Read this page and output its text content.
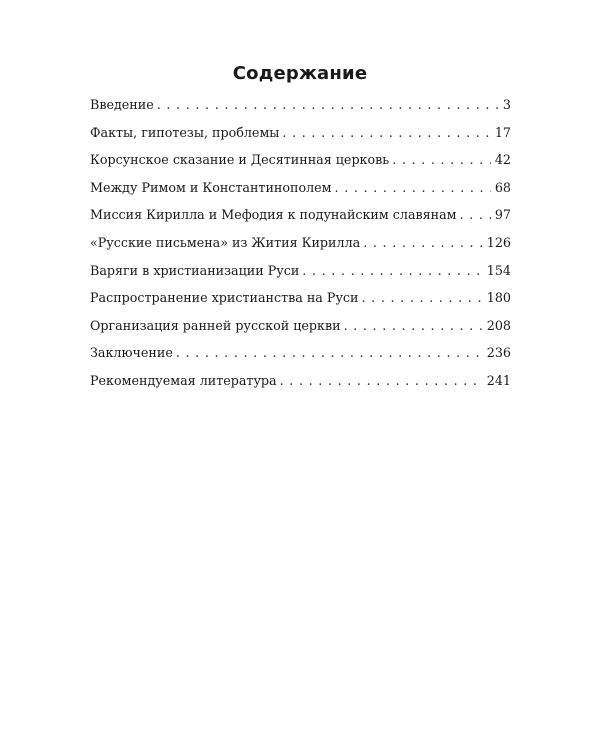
Содержание
Введение . . .	3
Факты, гипотезы, проблемы . . .	17
Корсунское сказание и Десятинная церковь . . .	42
Между Римом и Константинополем . . .	68
Миссия Кирилла и Мефодия к подунайским славянам . . .	97
«Русские письмена» из Жития Кирилла . . .	126
Варяги в христианизации Руси . . .	154
Распространение христианства на Руси . . .	180
Организация ранней русской церкви . . .	208
Заключение . . .	236
Рекомендуемая литература . . .	241
